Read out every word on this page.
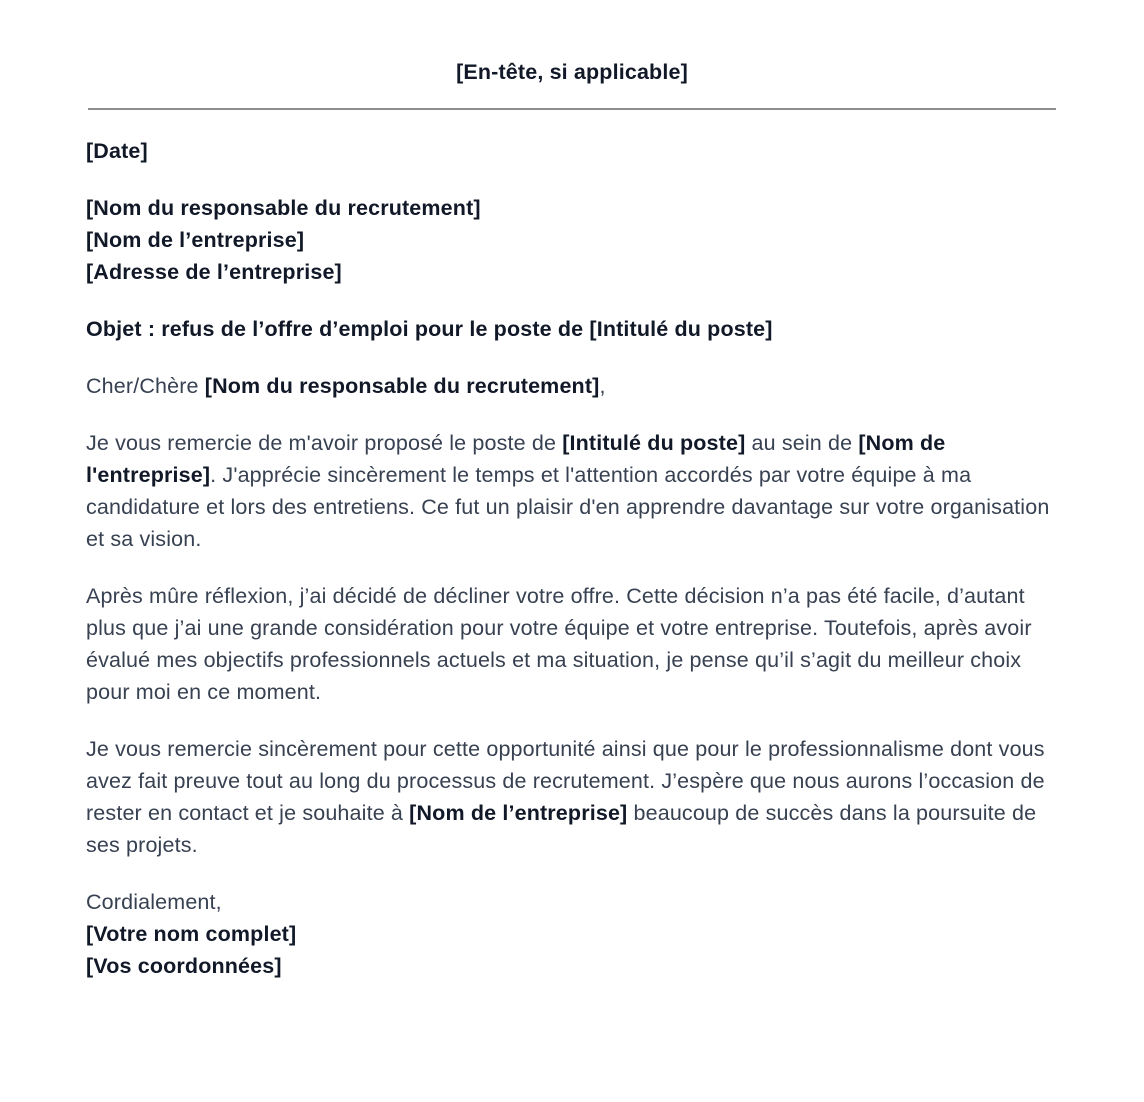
[En-tête, si applicable]

[Date]

[Nom du responsable du recrutement]
[Nom de l’entreprise]
[Adresse de l’entreprise]

Objet : refus de l’offre d’emploi pour le poste de [Intitulé du poste]

Cher/Chère [Nom du responsable du recrutement],

Je vous remercie de m'avoir proposé le poste de [Intitulé du poste] au sein de [Nom de l'entreprise]. J'apprécie sincèrement le temps et l'attention accordés par votre équipe à ma candidature et lors des entretiens. Ce fut un plaisir d'en apprendre davantage sur votre organisation et sa vision.

Après mûre réflexion, j’ai décidé de décliner votre offre. Cette décision n’a pas été facile, d’autant plus que j’ai une grande considération pour votre équipe et votre entreprise. Toutefois, après avoir évalué mes objectifs professionnels actuels et ma situation, je pense qu’il s’agit du meilleur choix pour moi en ce moment.

Je vous remercie sincèrement pour cette opportunité ainsi que pour le professionnalisme dont vous avez fait preuve tout au long du processus de recrutement. J’espère que nous aurons l’occasion de rester en contact et je souhaite à [Nom de l’entreprise] beaucoup de succès dans la poursuite de ses projets.

Cordialement,
[Votre nom complet]
[Vos coordonnées]
